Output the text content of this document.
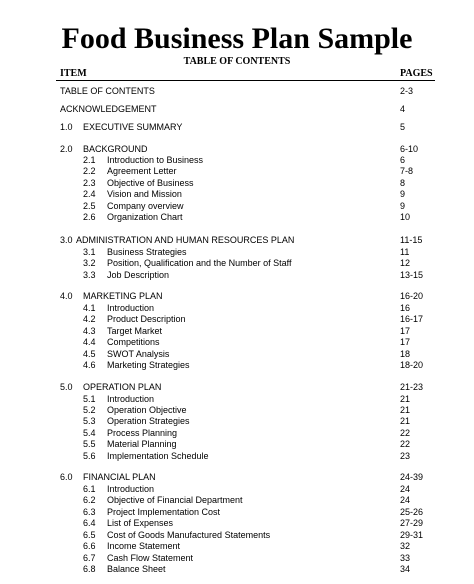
Food Business Plan Sample
TABLE OF CONTENTS
ITEM	PAGES
TABLE OF CONTENTS	2-3
ACKNOWLEDGEMENT	4
1.0 EXECUTIVE SUMMARY	5
2.0 BACKGROUND	6-10
2.1 Introduction to Business	6
2.2 Agreement Letter	7-8
2.3 Objective of Business	8
2.4 Vision and Mission	9
2.5 Company overview	9
2.6 Organization Chart	10
3.0 ADMINISTRATION AND HUMAN RESOURCES PLAN	11-15
3.1 Business Strategies	11
3.2 Position, Qualification and the Number of Staff	12
3.3 Job Description	13-15
4.0 MARKETING PLAN	16-20
4.1 Introduction	16
4.2 Product Description	16-17
4.3 Target Market	17
4.4 Competitions	17
4.5 SWOT Analysis	18
4.6 Marketing Strategies	18-20
5.0 OPERATION PLAN	21-23
5.1 Introduction	21
5.2 Operation Objective	21
5.3 Operation Strategies	21
5.4 Process Planning	22
5.5 Material Planning	22
5.6 Implementation Schedule	23
6.0 FINANCIAL PLAN	24-39
6.1 Introduction	24
6.2 Objective of Financial Department	24
6.3 Project Implementation Cost	25-26
6.4 List of Expenses	27-29
6.5 Cost of Goods Manufactured Statements	29-31
6.6 Income Statement	32
6.7 Cash Flow Statement	33
6.8 Balance Sheet	34
